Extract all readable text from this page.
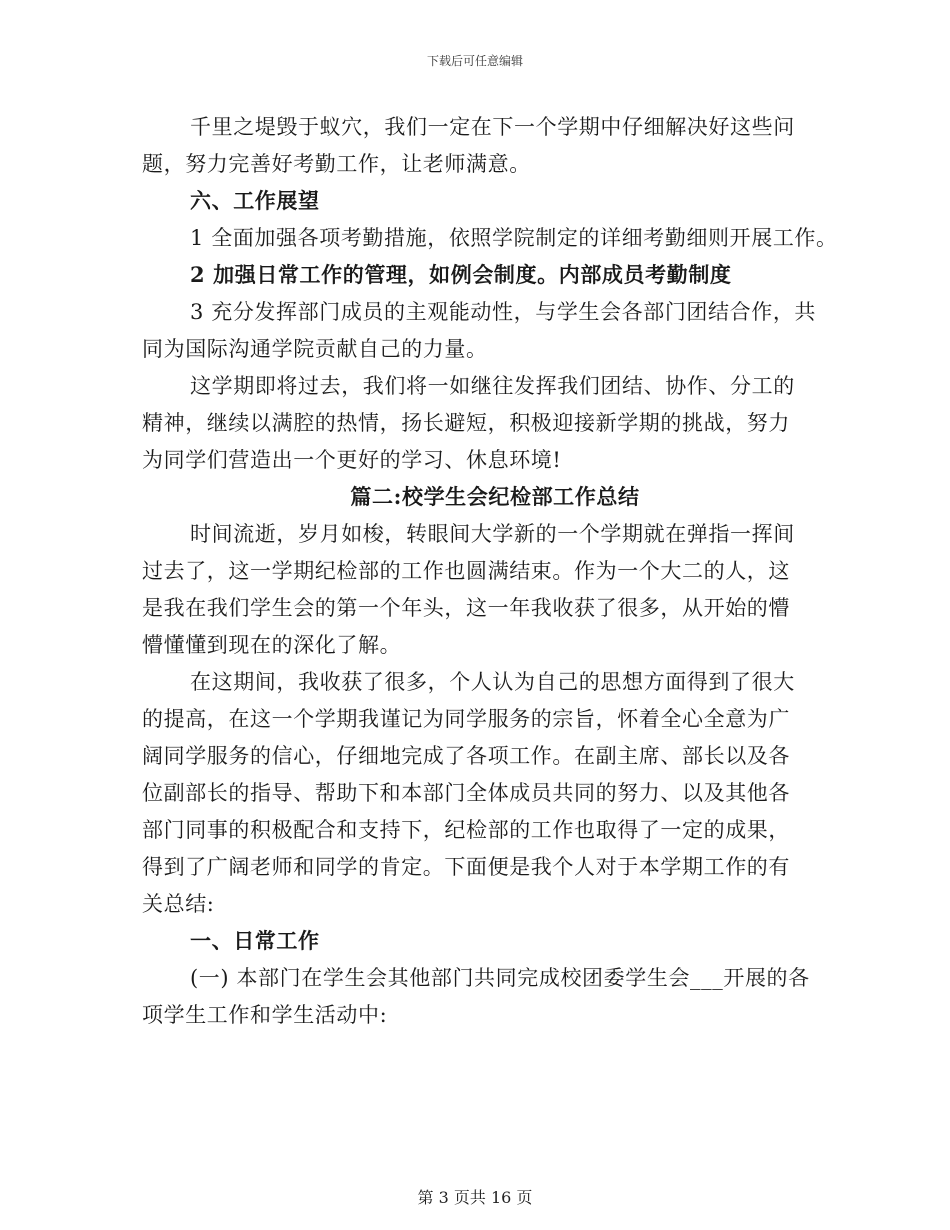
下载后可任意编辑
千里之堤毁于蚁穴，我们一定在下一个学期中仔细解决好这些问
题，努力完善好考勤工作，让老师满意。
六、工作展望
1 全面加强各项考勤措施，依照学院制定的详细考勤细则开展工作。
2 加强日常工作的管理，如例会制度。内部成员考勤制度
3 充分发挥部门成员的主观能动性，与学生会各部门团结合作，共
同为国际沟通学院贡献自己的力量。
这学期即将过去，我们将一如继往发挥我们团结、协作、分工的
精神，继续以满腔的热情，扬长避短，积极迎接新学期的挑战，努力
为同学们营造出一个更好的学习、休息环境!
篇二:校学生会纪检部工作总结
时间流逝，岁月如梭，转眼间大学新的一个学期就在弹指一挥间
过去了，这一学期纪检部的工作也圆满结束。作为一个大二的人，这
是我在我们学生会的第一个年头，这一年我收获了很多，从开始的懵
懵懂懂到现在的深化了解。
在这期间，我收获了很多，个人认为自己的思想方面得到了很大
的提高，在这一个学期我谨记为同学服务的宗旨，怀着全心全意为广
阔同学服务的信心，仔细地完成了各项工作。在副主席、部长以及各
位副部长的指导、帮助下和本部门全体成员共同的努力、以及其他各
部门同事的积极配合和支持下，纪检部的工作也取得了一定的成果，
得到了广阔老师和同学的肯定。下面便是我个人对于本学期工作的有
关总结:
一、日常工作
(一) 本部门在学生会其他部门共同完成校团委学生会___开展的各
项学生工作和学生活动中:
第 3 页共 16 页
